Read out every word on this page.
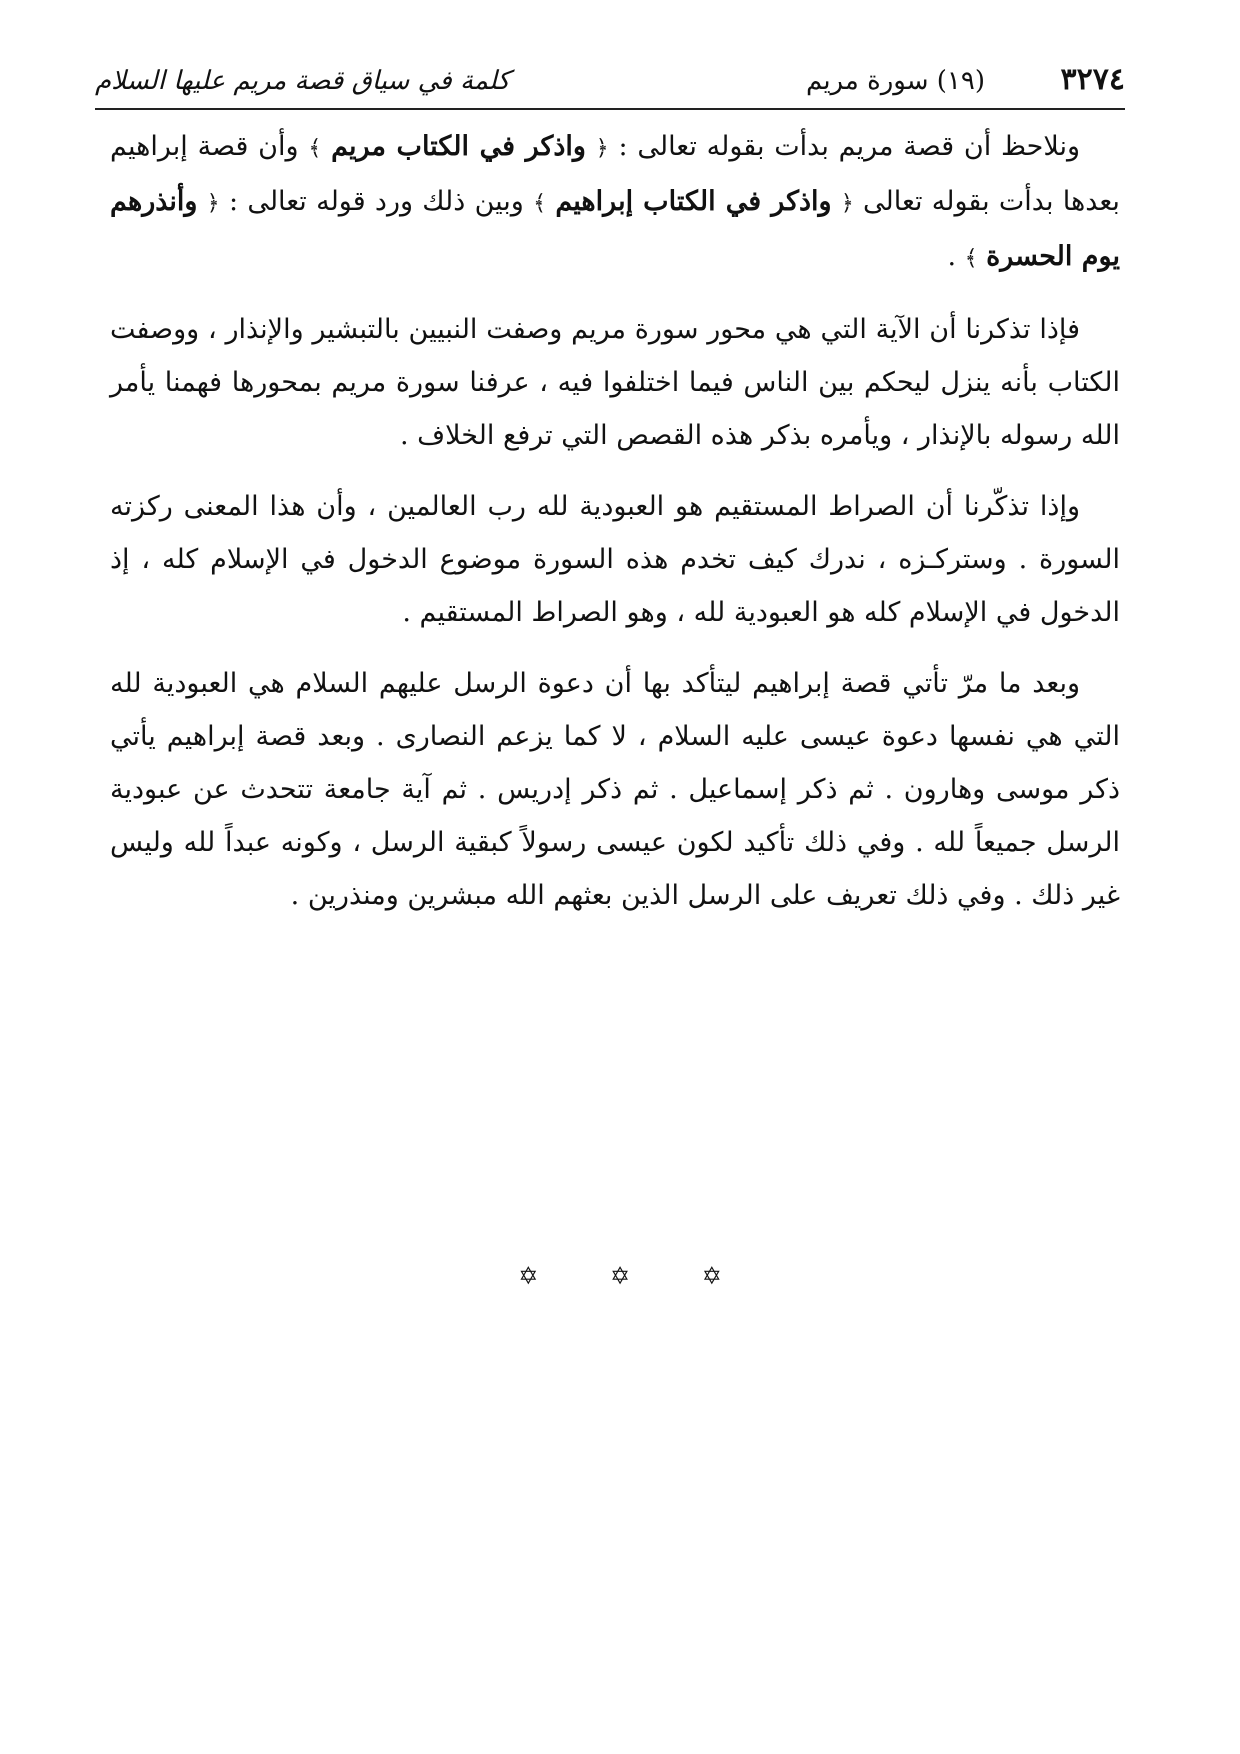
٣٢٧٤
(١٩) سورة مريم
كلمة في سياق قصة مريم عليها السلام

ونلاحظ أن قصة مريم بدأت بقوله تعالى : ﴿ واذكر في الكتاب مريم ﴾ وأن قصة إبراهيم بعدها بدأت بقوله تعالى ﴿ واذكر في الكتاب إبراهيم ﴾ وبين ذلك ورد قوله تعالى : ﴿ وأنذرهم يوم الحسرة ﴾ .

فإذا تذكرنا أن الآية التي هي محور سورة مريم وصفت النبيين بالتبشير والإنذار ، ووصفت الكتاب بأنه ينزل ليحكم بين الناس فيما اختلفوا فيه ، عرفنا سورة مريم بمحورها فهمنا يأمر الله رسوله بالإنذار ، ويأمره بذكر هذه القصص التي ترفع الخلاف .

وإذا تذكّرنا أن الصراط المستقيم هو العبودية لله رب العالمين ، وأن هذا المعنى ركزته السورة . وستركـزه ، ندرك كيف تخدم هذه السورة موضوع الدخول في الإسلام كله ، إذ الدخول في الإسلام كله هو العبودية لله ، وهو الصراط المستقيم .

وبعد ما مرّ تأتي قصة إبراهيم ليتأكد بها أن دعوة الرسل عليهم السلام هي العبودية لله التي هي نفسها دعوة عيسى عليه السلام ، لا كما يزعم النصارى . وبعد قصة إبراهيم يأتي ذكر موسى وهارون . ثم ذكر إسماعيل . ثم ذكر إدريس . ثم آية جامعة تتحدث عن عبودية الرسل جميعاً لله . وفي ذلك تأكيد لكون عيسى رسولاً كبقية الرسل ، وكونه عبداً لله وليس غير ذلك . وفي ذلك تعريف على الرسل الذين بعثهم الله مبشرين ومنذرين .

✡	✡	✡
